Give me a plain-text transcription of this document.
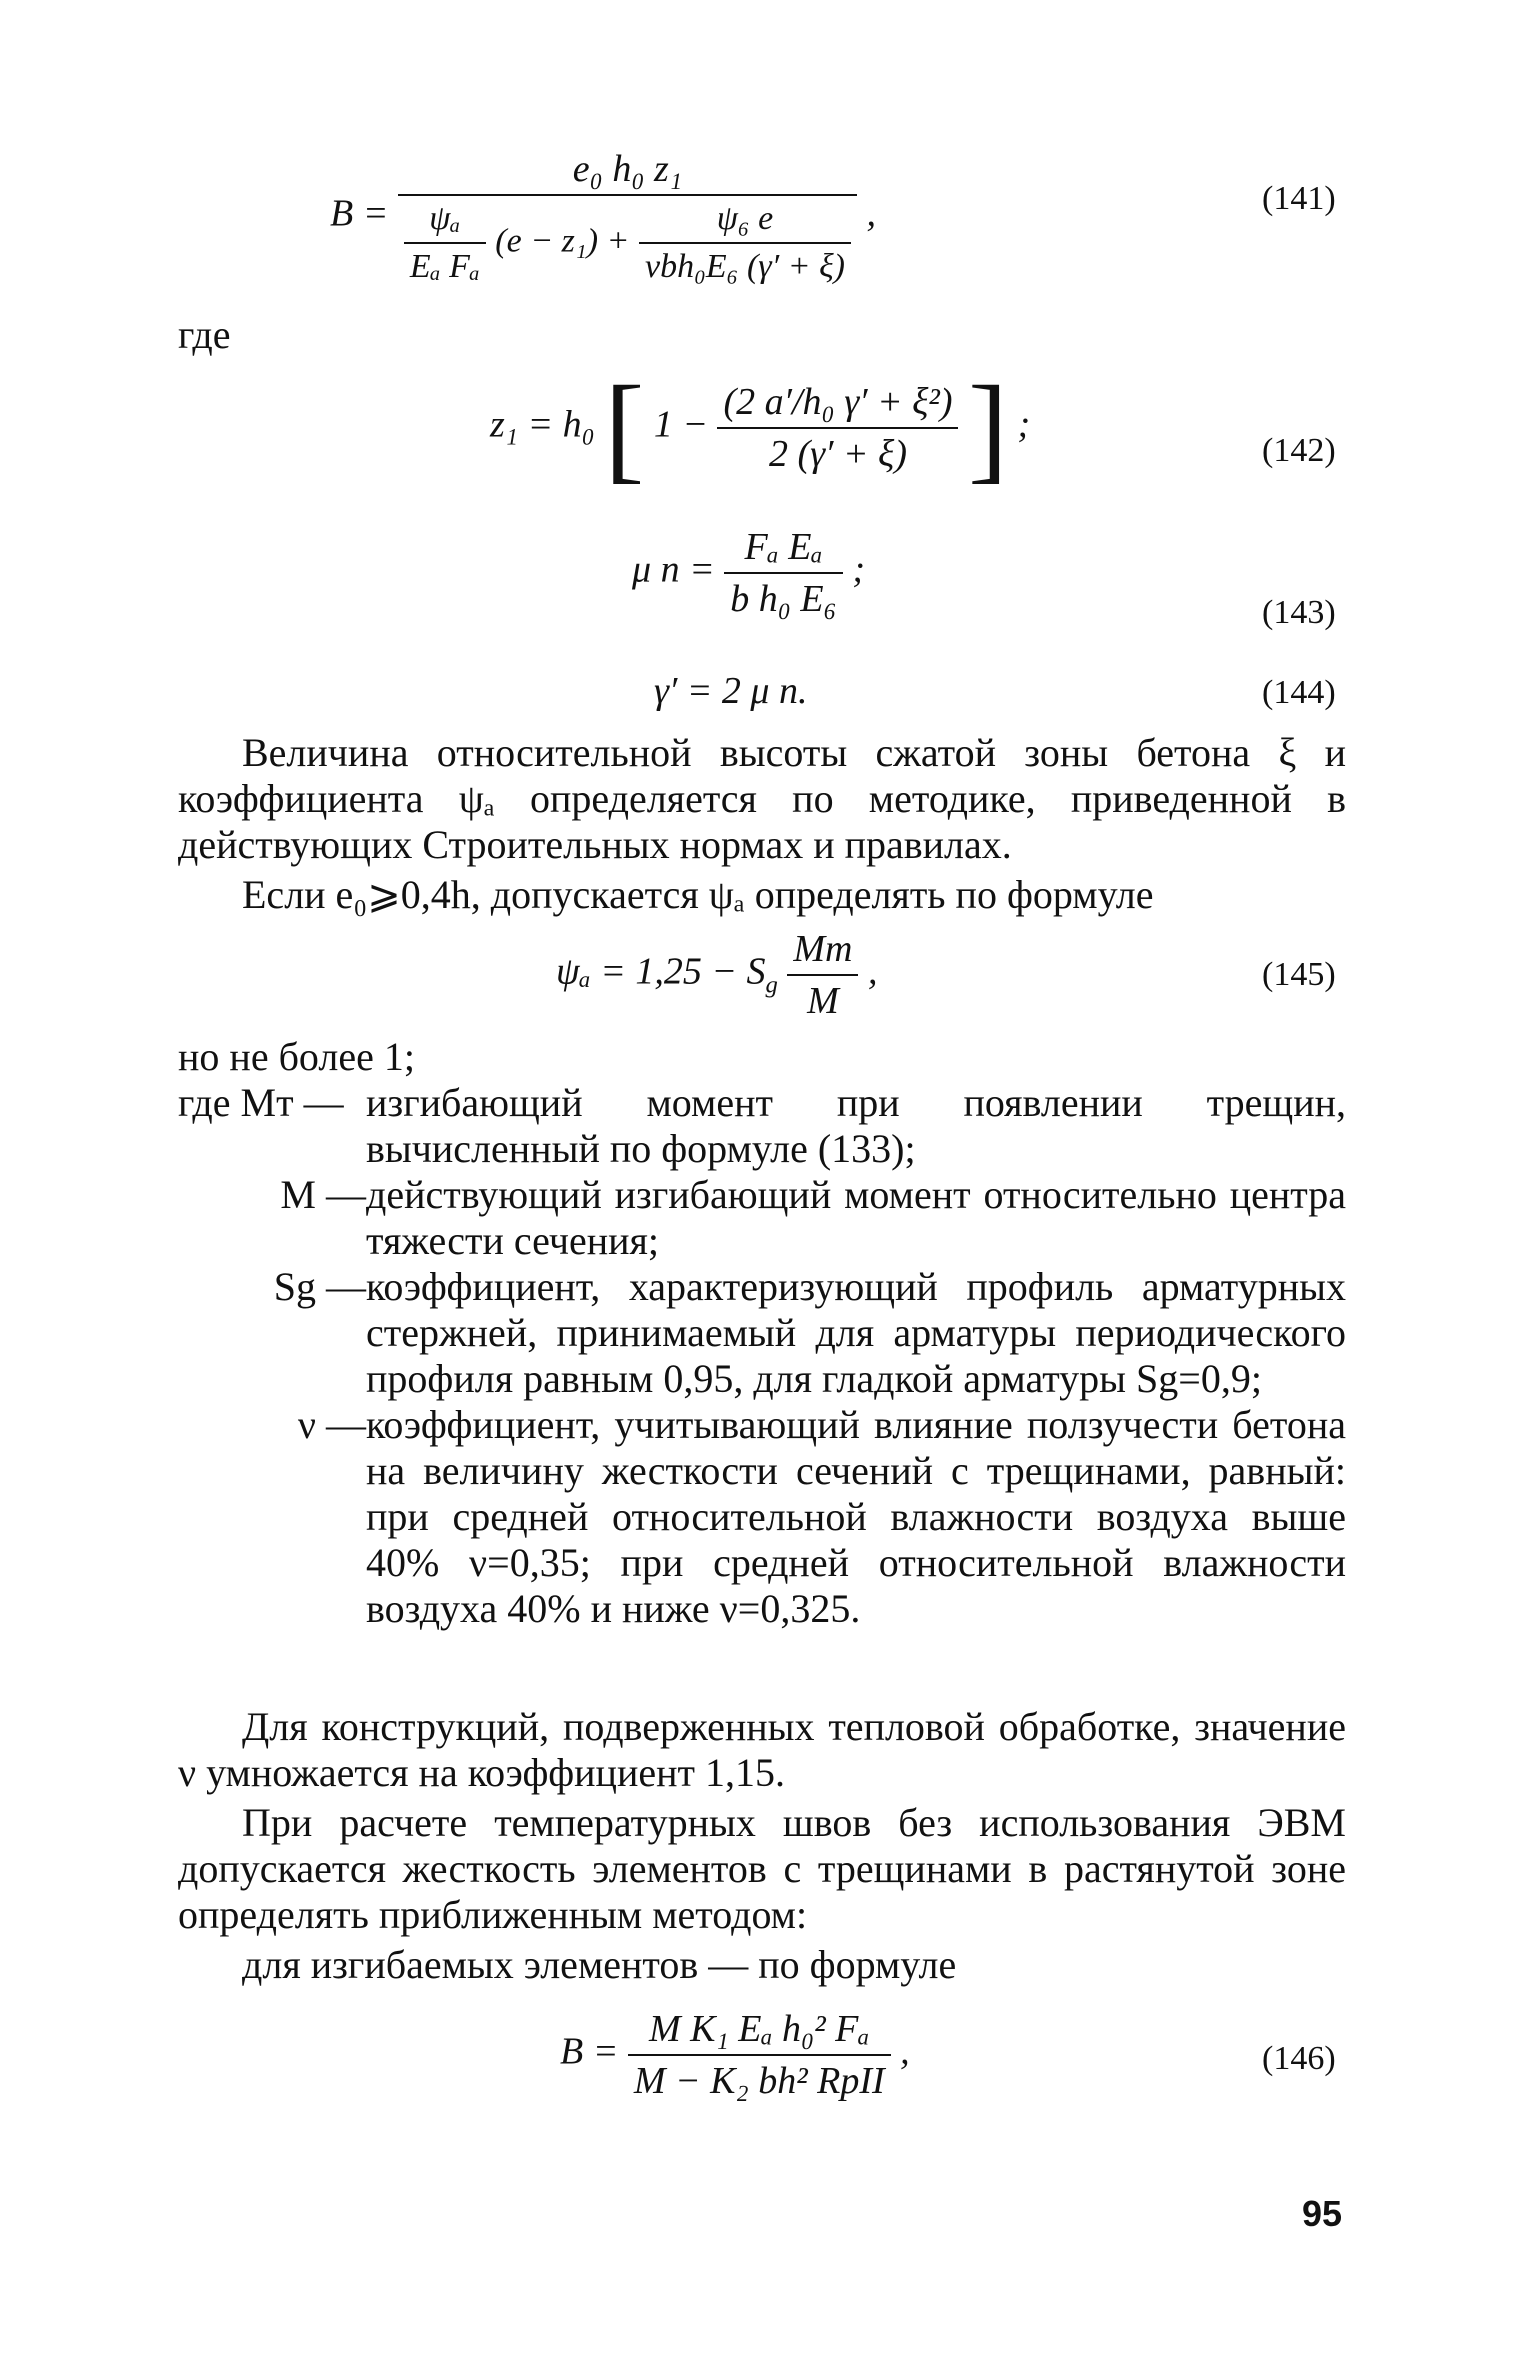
B =
e₀ h₀ z₁
$\frac{\text{ψₐ}}{\text{Eₐ Fₐ}} (e - z_1) + \frac{\text{ψ₆ e}}{\text{νbh₀E₆ (γ′ + ξ)}}$ ,	(141)
где
z₁ = h₀ [ $1 - \frac{\text{(2 a′/h₀ γ′ + ξ²)}}{2 (\gamma' + \xi)}$ ] ;
(142)
μ $n = \frac{\text{Fₐ Eₐ}}{\text{b h₀ E₆}}$ ;
(143)
γ′ = 2 μ n.	(144)

Величина относительной высоты сжатой зоны бетона ξ и коэффициента ψₐ определяется по методике, приведенной в действующих Строительных нормах и правилах.

Если e₀⩾0,4h, допускается ψₐ определять по формуле

$\psi_a = 1,25 - S_g \frac{Mт}{M}$ ,	(145)
но не более 1;
где Mт — изгибающий момент при появлении трещин, вычисленный по формуле (133);
M — действующий изгибающий момент относительно центра тяжести сечения;
Sg — коэффициент, характеризующий профиль арматурных стержней, принимаемый для арматуры периодического профиля равным 0,95, для гладкой арматуры Sg=0,9;
ν — коэффициент, учитывающий влияние ползучести бетона на величину жесткости сечений с трещинами, равный: при средней относительной влажности воздуха выше 40% ν=0,35; при средней относительной влажности воздуха 40% и ниже ν=0,325.

Для конструкций, подверженных тепловой обработке, значение ν умножается на коэффициент 1,15.

При расчете температурных швов без использования ЭВМ допускается жесткость элементов с трещинами в растянутой зоне определять приближенным методом:

для изгибаемых элементов — по формуле

$B = \frac{\text{M K₁ Eₐ h₀² Fₐ}}{\text{M − K₂ bh² RpII}}$ ,	(146)
95
